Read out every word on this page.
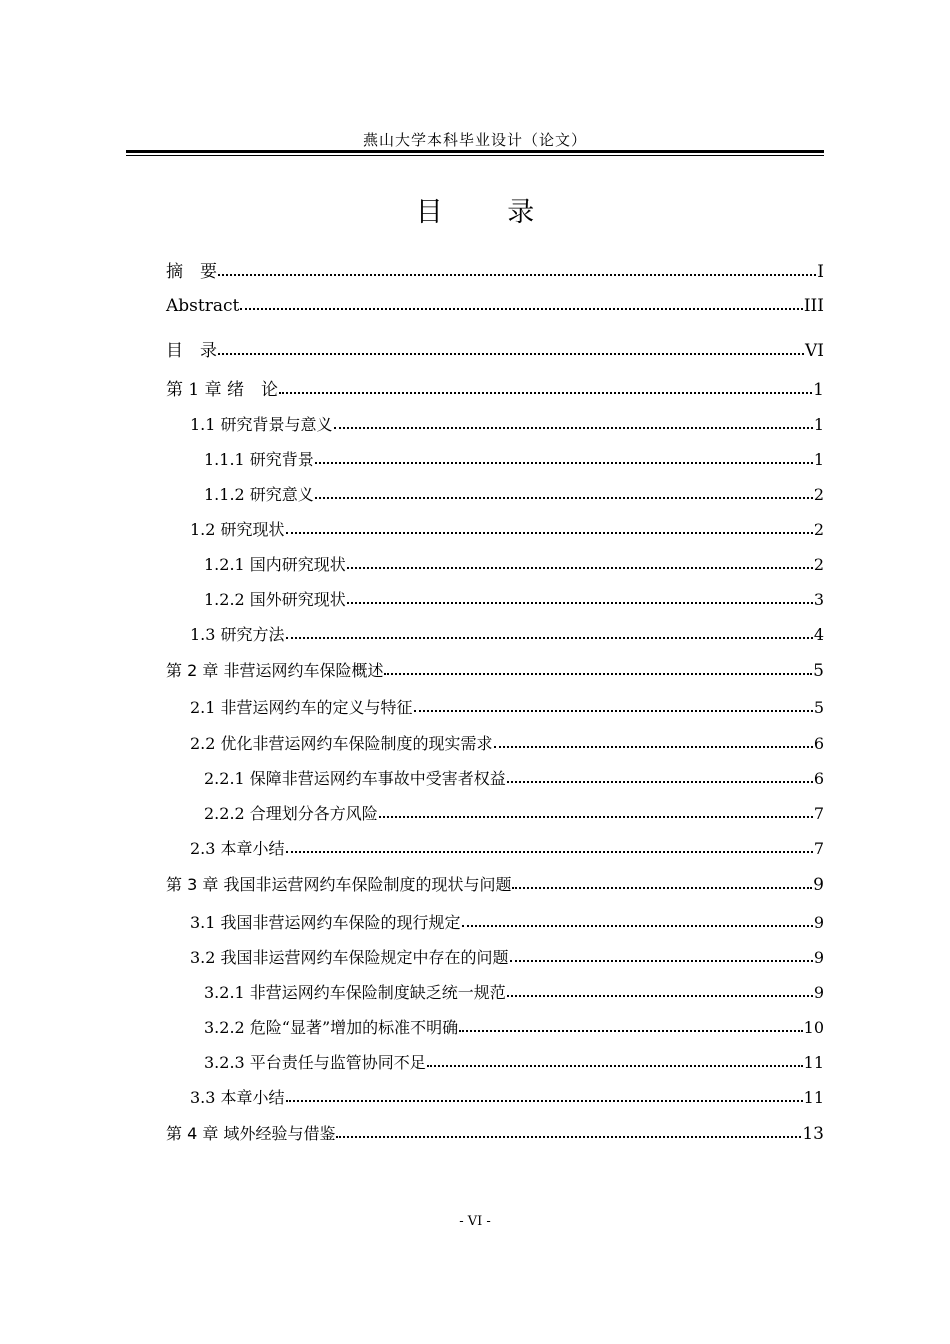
燕山大学本科毕业设计（论文）
目 录
摘　要	I
Abstract	III
目　录	VI
第 1 章 绪　论	1
1.1 研究背景与意义	1
1.1.1 研究背景	1
1.1.2 研究意义	2
1.2 研究现状	2
1.2.1 国内研究现状	2
1.2.2 国外研究现状	3
1.3 研究方法	4
第 2 章 非营运网约车保险概述	5
2.1 非营运网约车的定义与特征	5
2.2 优化非营运网约车保险制度的现实需求	6
2.2.1 保障非营运网约车事故中受害者权益	6
2.2.2 合理划分各方风险	7
2.3 本章小结	7
第 3 章 我国非运营网约车保险制度的现状与问题	9
3.1 我国非营运网约车保险的现行规定	9
3.2 我国非运营网约车保险规定中存在的问题	9
3.2.1 非营运网约车保险制度缺乏统一规范	9
3.2.2 危险“显著”增加的标准不明确	10
3.2.3 平台责任与监管协同不足	11
3.3 本章小结	11
第 4 章 域外经验与借鉴	13
- VI -
